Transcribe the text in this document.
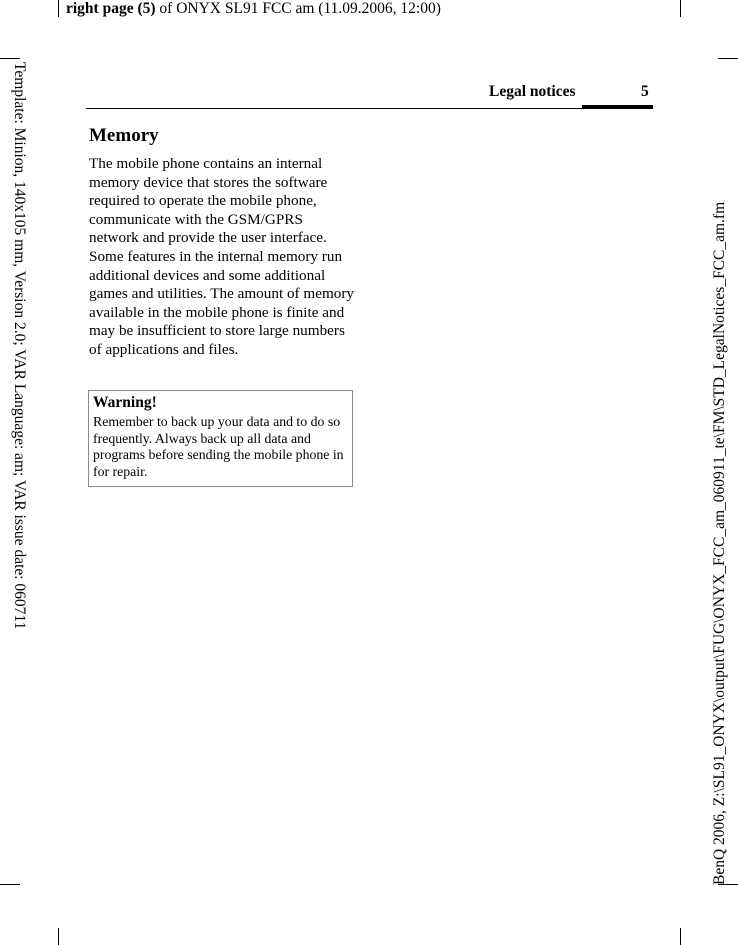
right page (5) of ONYX SL91 FCC am (11.09.2006, 12:00)
Template: Minion, 140x105 mm, Version 2.0; VAR Language: am; VAR issue date: 060711	BenQ 2006, Z:\SL91_ONYX\output\FUG\ONYX_FCC_am_060911_te\FM\STD_LegalNotices_FCC_am.fm
Legal notices	5
Memory

The mobile phone contains an internal memory device that stores the software required to operate the mobile phone, communicate with the GSM/GPRS network and provide the user interface. Some features in the internal memory run additional devices and some additional games and utilities. The amount of memory available in the mobile phone is finite and may be insufficient to store large numbers of applications and files.

Warning!

Remember to back up your data and to do so frequently. Always back up all data and programs before sending the mobile phone in for repair.
